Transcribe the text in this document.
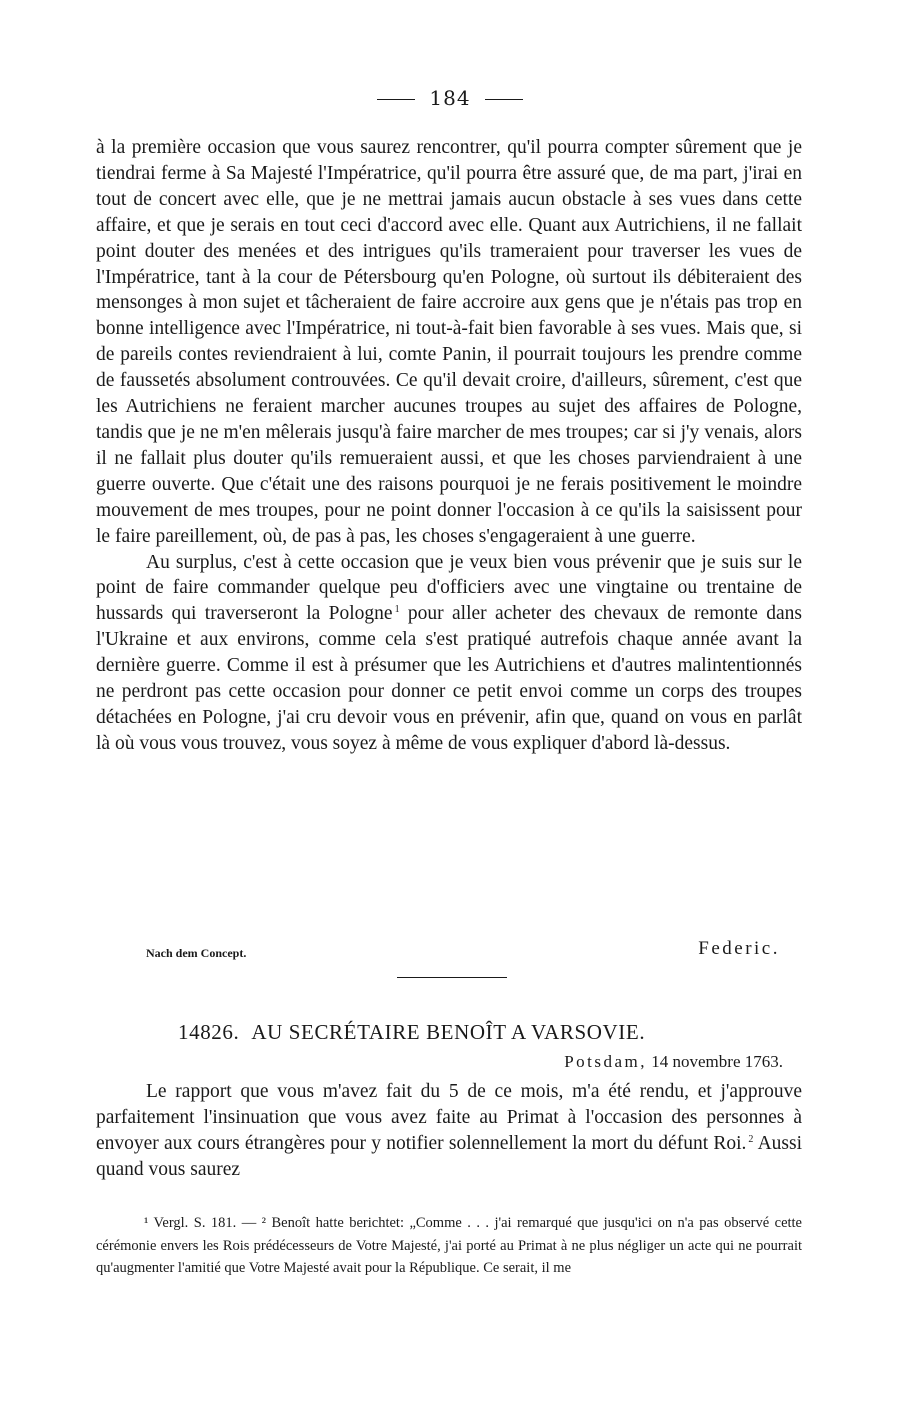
184

à la première occasion que vous saurez rencontrer, qu'il pourra compter sûrement que je tiendrai ferme à Sa Majesté l'Impératrice, qu'il pourra être assuré que, de ma part, j'irai en tout de concert avec elle, que je ne mettrai jamais aucun obstacle à ses vues dans cette affaire, et que je serais en tout ceci d'accord avec elle. Quant aux Autrichiens, il ne fallait point douter des menées et des intrigues qu'ils trameraient pour traverser les vues de l'Impératrice, tant à la cour de Pétersbourg qu'en Pologne, où surtout ils débiteraient des mensonges à mon sujet et tâcheraient de faire accroire aux gens que je n'étais pas trop en bonne intelligence avec l'Impératrice, ni tout-à-fait bien favorable à ses vues. Mais que, si de pareils contes reviendraient à lui, comte Panin, il pourrait toujours les prendre comme de faussetés absolument controuvées. Ce qu'il devait croire, d'ailleurs, sûrement, c'est que les Autrichiens ne feraient marcher aucunes troupes au sujet des affaires de Pologne, tandis que je ne m'en mêlerais jusqu'à faire marcher de mes troupes; car si j'y venais, alors il ne fallait plus douter qu'ils remueraient aussi, et que les choses parviendraient à une guerre ouverte. Que c'était une des raisons pourquoi je ne ferais positivement le moindre mouvement de mes troupes, pour ne point donner l'occasion à ce qu'ils la saisissent pour le faire pareillement, où, de pas à pas, les choses s'engageraient à une guerre.

Au surplus, c'est à cette occasion que je veux bien vous prévenir que je suis sur le point de faire commander quelque peu d'officiers avec une vingtaine ou trentaine de hussards qui traverseront la Pologne $^1$ pour aller acheter des chevaux de remonte dans l'Ukraine et aux environs, comme cela s'est pratiqué autrefois chaque année avant la dernière guerre. Comme il est à présumer que les Autrichiens et d'autres malintentionnés ne perdront pas cette occasion pour donner ce petit envoi comme un corps des troupes détachées en Pologne, j'ai cru devoir vous en prévenir, afin que, quand on vous en parlât là où vous vous trouvez, vous soyez à même de vous expliquer d'abord là-dessus.

Nach dem Concept.	Federic.
14826. AU SECRÉTAIRE BENOÎT A VARSOVIE.
Potsdam, 14 novembre 1763.

Le rapport que vous m'avez fait du 5 de ce mois, m'a été rendu, et j'approuve parfaitement l'insinuation que vous avez faite au Primat à l'occasion des personnes à envoyer aux cours étrangères pour y notifier solennellement la mort du défunt Roi. $^2$ Aussi quand vous saurez

¹ Vergl. S. 181. — ² Benoît hatte berichtet: „Comme . . . j'ai remarqué que jusqu'ici on n'a pas observé cette cérémonie envers les Rois prédécesseurs de Votre Majesté, j'ai porté au Primat à ne plus négliger un acte qui ne pourrait qu'augmenter l'amitié que Votre Majesté avait pour la République. Ce serait, il me
